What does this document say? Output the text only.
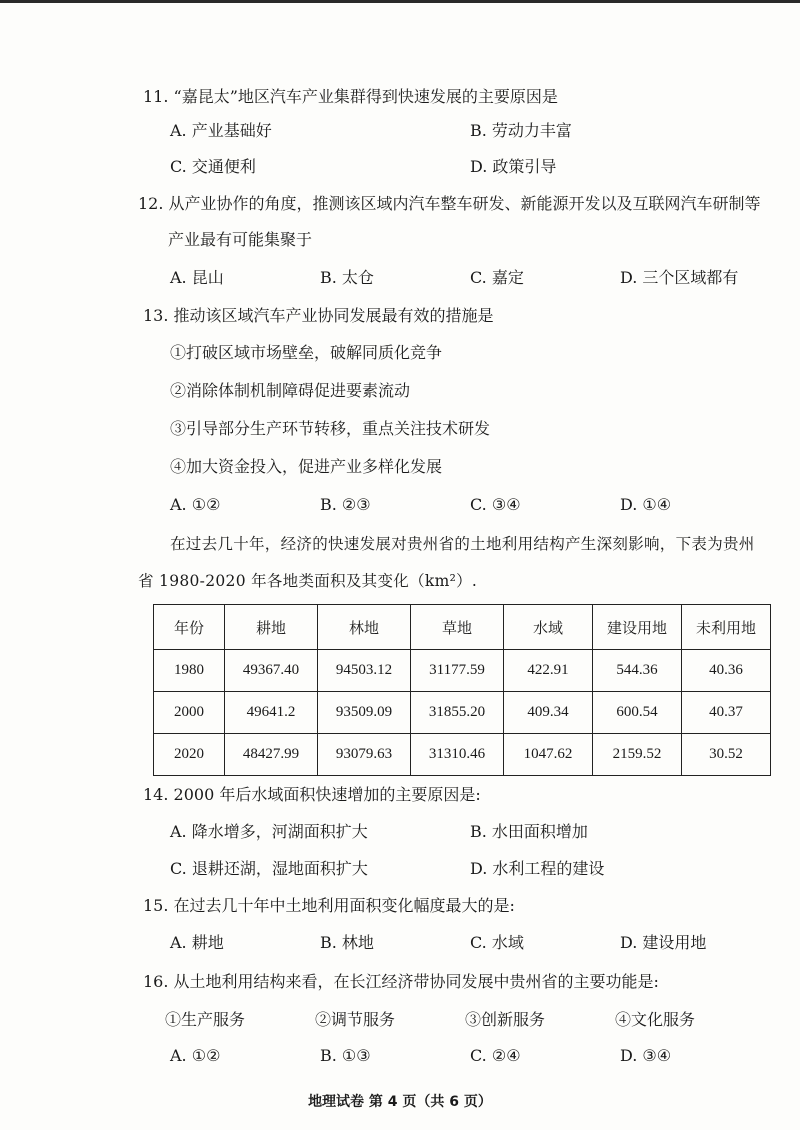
11. “嘉昆太”地区汽车产业集群得到快速发展的主要原因是
A. 产业基础好	B. 劳动力丰富
C. 交通便利	D. 政策引导
12. 从产业协作的角度，推测该区域内汽车整车研发、新能源开发以及互联网汽车研制等
产业最有可能集聚于
A. 昆山	B. 太仓	C. 嘉定	D. 三个区域都有
13. 推动该区域汽车产业协同发展最有效的措施是
①打破区域市场壁垒，破解同质化竞争
②消除体制机制障碍促进要素流动
③引导部分生产环节转移，重点关注技术研发
④加大资金投入，促进产业多样化发展
A. ①②	B. ②③	C. ③④	D. ①④
在过去几十年，经济的快速发展对贵州省的土地利用结构产生深刻影响，下表为贵州
省 1980-2020 年各地类面积及其变化（km²）.
年份	耕地	林地	草地	水域	建设用地	未利用地
1980	49367.40	94503.12	31177.59	422.91	544.36	40.36
2000	49641.2	93509.09	31855.20	409.34	600.54	40.37
2020	48427.99	93079.63	31310.46	1047.62	2159.52	30.52
14. 2000 年后水域面积快速增加的主要原因是:
A. 降水增多，河湖面积扩大	B. 水田面积增加
C. 退耕还湖，湿地面积扩大	D. 水利工程的建设
15. 在过去几十年中土地利用面积变化幅度最大的是:
A. 耕地	B. 林地	C. 水域	D. 建设用地
16. 从土地利用结构来看，在长江经济带协同发展中贵州省的主要功能是:
①生产服务	②调节服务	③创新服务	④文化服务
A. ①②	B. ①③	C. ②④	D. ③④
地理试卷 第 4 页（共 6 页）
